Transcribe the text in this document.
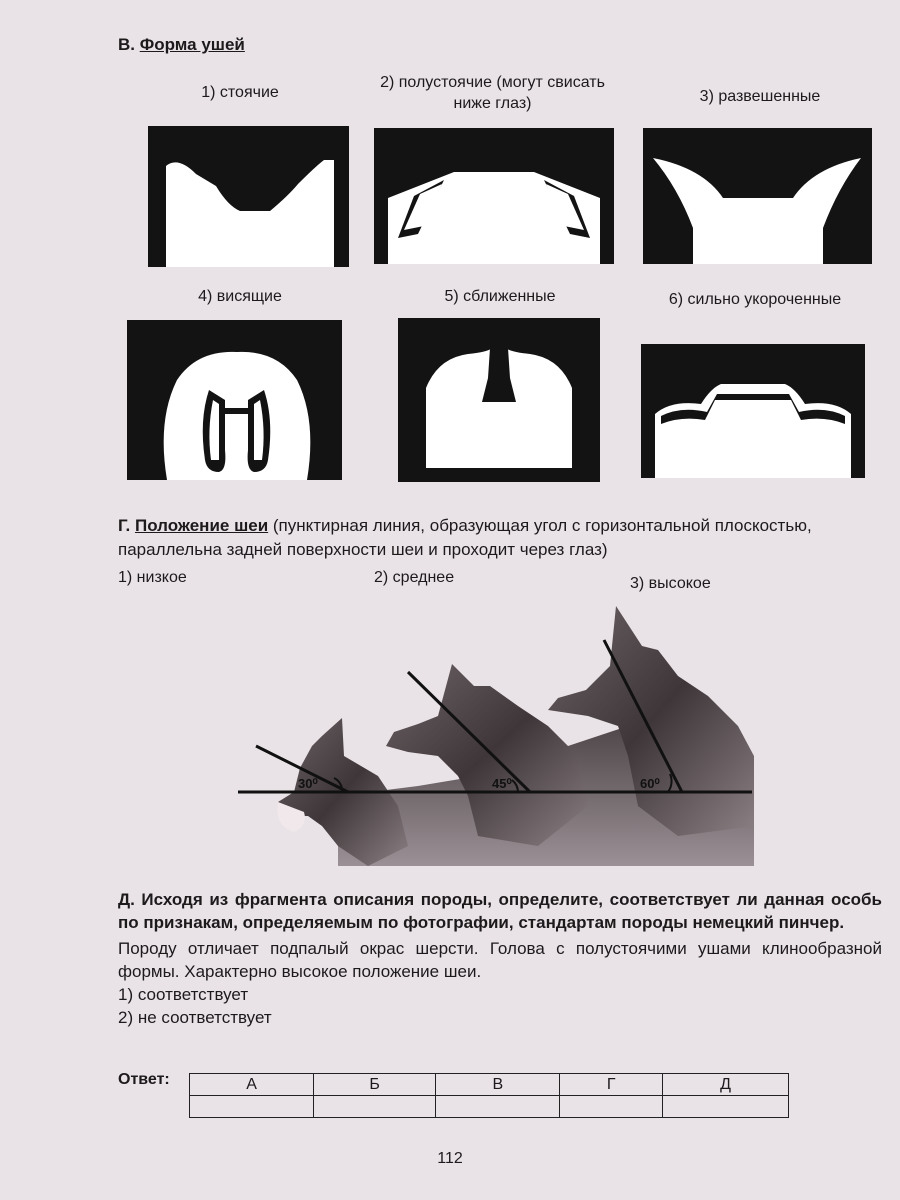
В. Форма ушей
1) стоячие
2) полустоячие (могут свисать ниже глаз)	3) развешенные
4) висящие	5) сближенные	6) сильно укороченные
Г. Положение шеи (пунктирная линия, образующая угол с горизонтальной плоскостью, параллельна задней поверхности шеи и проходит через глаз)
1) низкое	2) среднее	3) высокое
30⁰	45⁰	60⁰
Д. Исходя из фрагмента описания породы, определите, соответствует ли данная особь по признакам, определяемым по фотографии, стандартам породы немецкий пинчер.
Породу отличает подпалый окрас шерсти. Голова с полустоячими ушами клинообразной формы. Характерно высокое положение шеи.
1) соответствует
2) не соответствует
Ответ:	А	Б	В	Г	Д

112
